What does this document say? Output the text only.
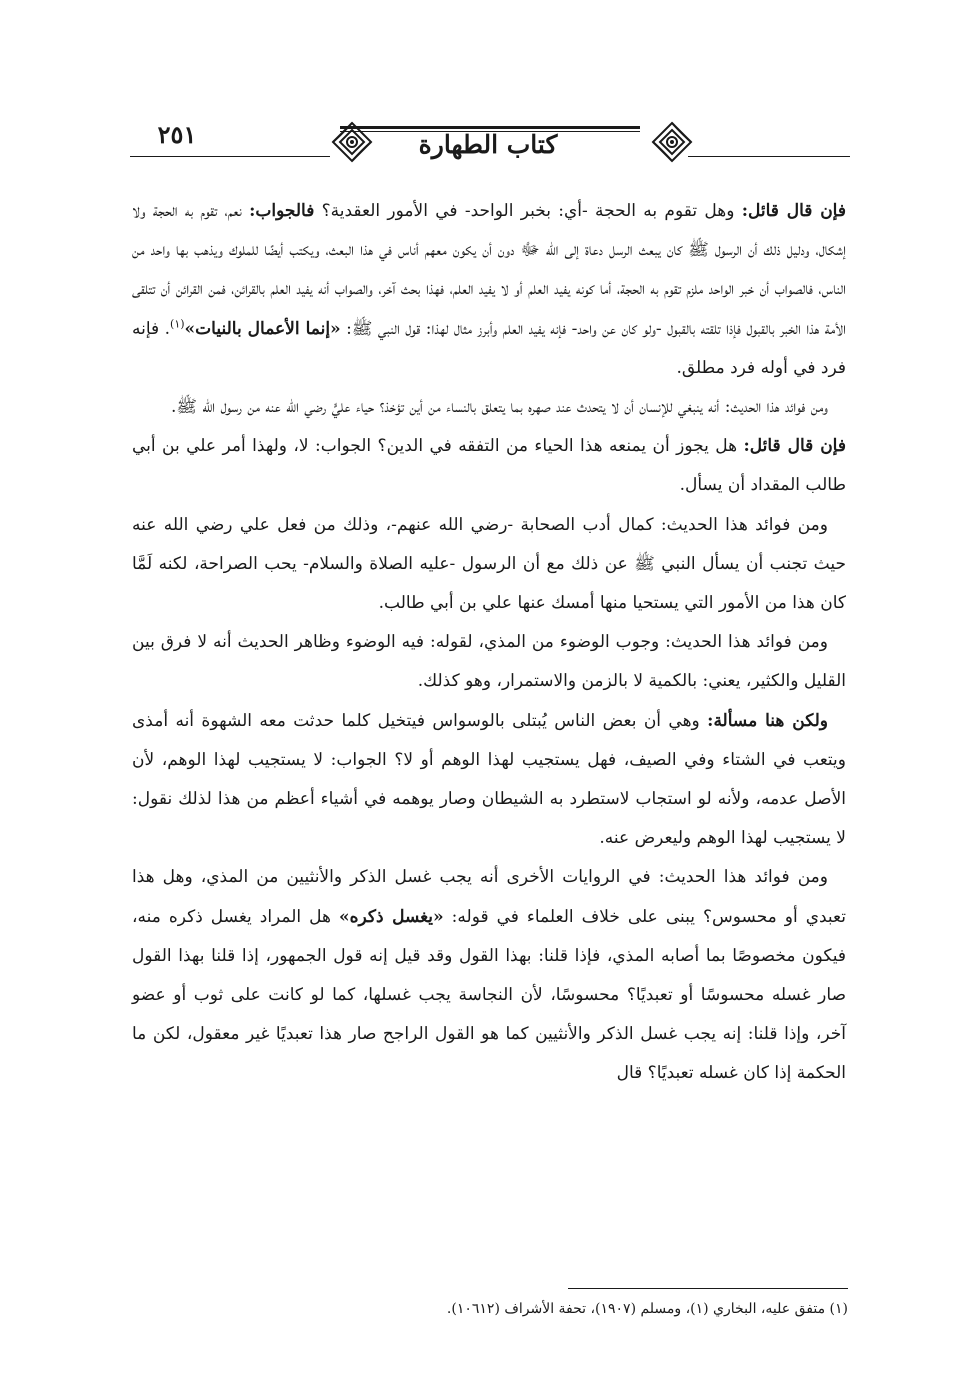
٢٥١	كتاب الطهارة

فإن قال قائل: وهل تقوم به الحجة -أي: بخبر الواحد- في الأمور العقدية؟ فالجواب: نعم، تقوم به الحجة ولا إشكال، ودليل ذلك أن الرسول ﷺ كان يبعث الرسل دعاة إلى الله ﷻ دون أن يكون معهم أناس في هذا البعث، ويكتب أيضًا للملوك ويذهب بها واحد من الناس، فالصواب أن خبر الواحد ملزم تقوم به الحجة، أما كونه يفيد العلم أو لا يفيد العلم، فهذا بحث آخر، والصواب أنه يفيد العلم بالقرائن، فمن القرائن أن تتلقى الأمة هذا الخبر بالقبول فإذا تلقته بالقبول -ولو كان عن واحد- فإنه يفيد العلم وأبرز مثال لهذا: قول النبي ﷺ: «إنما الأعمال بالنيات»$^{(١)}$. فإنه فرد في أوله فرد مطلق.

ومن فوائد هذا الحديث: أنه ينبغي للإنسان أن لا يتحدث عند صهره بما يتعلق بالنساء من أين تؤخذ؟ حياء عليٍّ رضي الله عنه من رسول الله ﷺ.

فإن قال قائل: هل يجوز أن يمنعه هذا الحياء من التفقه في الدين؟ الجواب: لا، ولهذا أمر علي بن أبي طالب المقداد أن يسأل.

ومن فوائد هذا الحديث: كمال أدب الصحابة -رضي الله عنهم-، وذلك من فعل علي رضي الله عنه حيث تجنب أن يسأل النبي ﷺ عن ذلك مع أن الرسول -عليه الصلاة والسلام- يحب الصراحة، لكنه لَمَّا كان هذا من الأمور التي يستحيا منها أمسك عنها علي بن أبي طالب.

ومن فوائد هذا الحديث: وجوب الوضوء من المذي، لقوله: فيه الوضوء وظاهر الحديث أنه لا فرق بين القليل والكثير، يعني: بالكمية لا بالزمن والاستمرار، وهو كذلك.

ولكن هنا مسألة: وهي أن بعض الناس يُبتلى بالوسواس فيتخيل كلما حدثت معه الشهوة أنه أمذى ويتعب في الشتاء وفي الصيف، فهل يستجيب لهذا الوهم أو لا؟ الجواب: لا يستجيب لهذا الوهم، لأن الأصل عدمه، ولأنه لو استجاب لاستطرد به الشيطان وصار يوهمه في أشياء أعظم من هذا لذلك نقول: لا يستجيب لهذا الوهم وليعرض عنه.

ومن فوائد هذا الحديث: في الروايات الأخرى أنه يجب غسل الذكر والأنثيين من المذي، وهل هذا تعبدي أو محسوس؟ يبنى على خلاف العلماء في قوله: «يغسل ذكره» هل المراد يغسل ذكره منه، فيكون مخصوصًا بما أصابه المذي، فإذا قلنا: بهذا القول وقد قيل إنه قول الجمهور، إذا قلنا بهذا القول صار غسله محسوسًا أو تعبديًا؟ محسوسًا، لأن النجاسة يجب غسلها، كما لو كانت على ثوب أو عضو آخر، وإذا قلنا: إنه يجب غسل الذكر والأنثيين كما هو القول الراجح صار هذا تعبديًا غير معقول، لكن ما الحكمة إذا كان غسله تعبديًا؟ قال

(١) متفق عليه، البخاري (١)، ومسلم (١٩٠٧)، تحفة الأشراف (١٠٦١٢).
